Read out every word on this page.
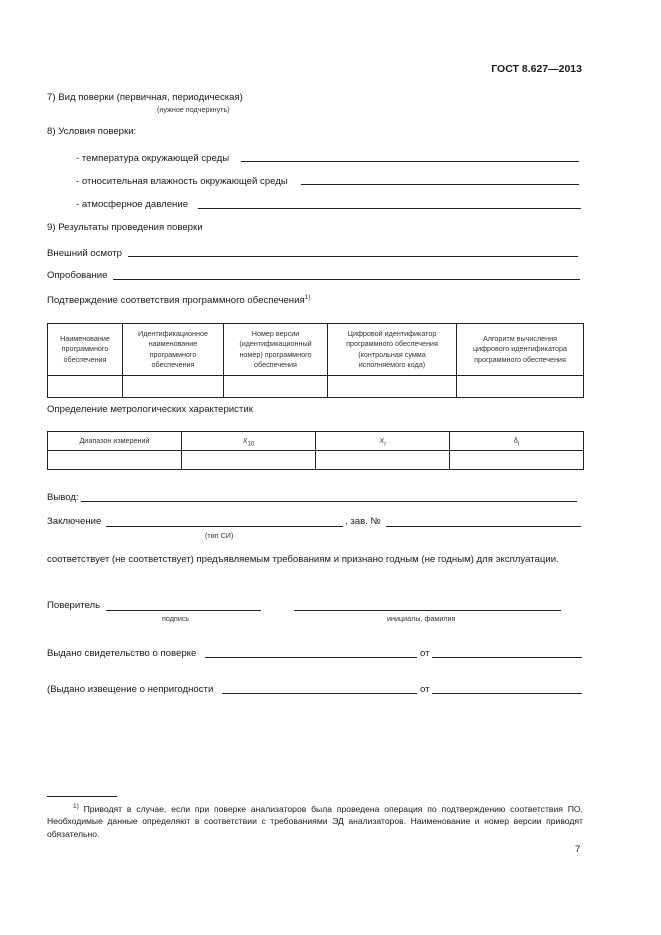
ГОСТ 8.627—2013
7) Вид поверки (первичная, периодическая)
(нужное подчеркнуть)
8) Условия поверки:
- температура окружающей среды
- относительная влажность окружающей среды
- атмосферное давление
9) Результаты проведения поверки
Внешний осмотр
Опробование
Подтверждение соответствия программного обеспечения$^{1)}$
Наименование программного обеспечения	Идентификационное наименование программного обеспечения	Номер версии (идентификационный номер) программного обеспечения	Цифровой идентификатор программного обеспечения (контрольная сумма исполняемого кода)	Алгоритм вычисления цифрового идентификатора программного обеспечения

Определение метрологических характеристик
Диапазон измерений	$X_{10}$	$X_i$	$\delta_i$

Вывод:
Заключение	, зав. №
(тип СИ)
соответствует (не соответствует) предъявляемым требованиям и признано годным (не годным) для эксплуатации.
Поверитель
подпись	инициалы, фамилия
Выдано свидетельство о поверке	от
(Выдано извещение о непригодности	от
$^{1)}$ Приводят в случае, если при поверке анализаторов была проведена операция по подтверждению соответствия ПО. Необходимые данные определяют в соответствии с требованиями ЭД анализаторов. Наименование и номер версии приводят обязательно.
7
